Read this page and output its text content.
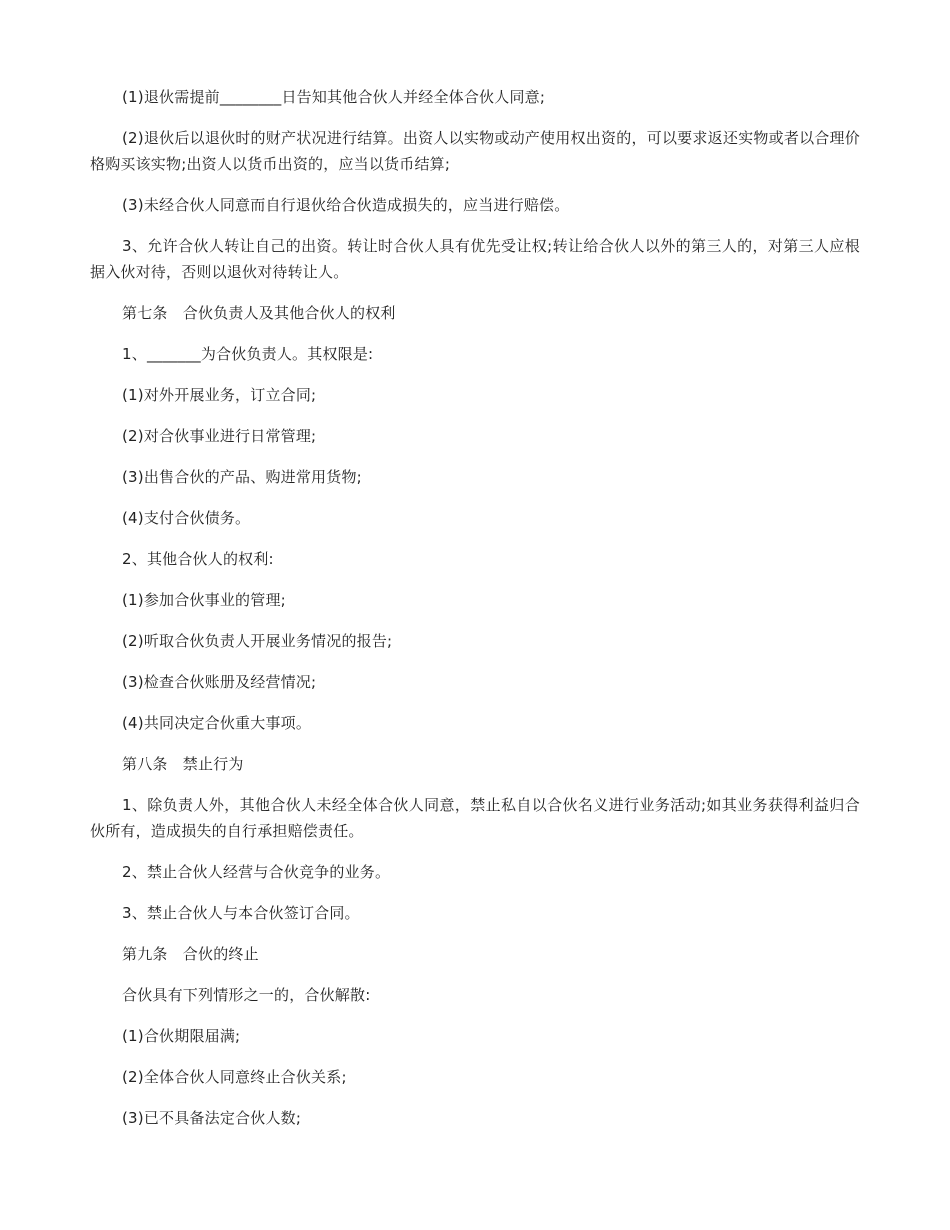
(1)退伙需提前________日告知其他合伙人并经全体合伙人同意;

(2)退伙后以退伙时的财产状况进行结算。出资人以实物或动产使用权出资的，可以要求返还实物或者以合理价格购买该实物;出资人以货币出资的，应当以货币结算;

(3)未经合伙人同意而自行退伙给合伙造成损失的，应当进行赔偿。

3、允许合伙人转让自己的出资。转让时合伙人具有优先受让权;转让给合伙人以外的第三人的，对第三人应根据入伙对待，否则以退伙对待转让人。

第七条　合伙负责人及其他合伙人的权利

1、_______为合伙负责人。其权限是:

(1)对外开展业务，订立合同;

(2)对合伙事业进行日常管理;

(3)出售合伙的产品、购进常用货物;

(4)支付合伙债务。

2、其他合伙人的权利:

(1)参加合伙事业的管理;

(2)听取合伙负责人开展业务情况的报告;

(3)检查合伙账册及经营情况;

(4)共同决定合伙重大事项。

第八条　禁止行为

1、除负责人外，其他合伙人未经全体合伙人同意，禁止私自以合伙名义进行业务活动;如其业务获得利益归合伙所有，造成损失的自行承担赔偿责任。

2、禁止合伙人经营与合伙竞争的业务。

3、禁止合伙人与本合伙签订合同。

第九条　合伙的终止

合伙具有下列情形之一的，合伙解散:

(1)合伙期限届满;

(2)全体合伙人同意终止合伙关系;

(3)已不具备法定合伙人数;
